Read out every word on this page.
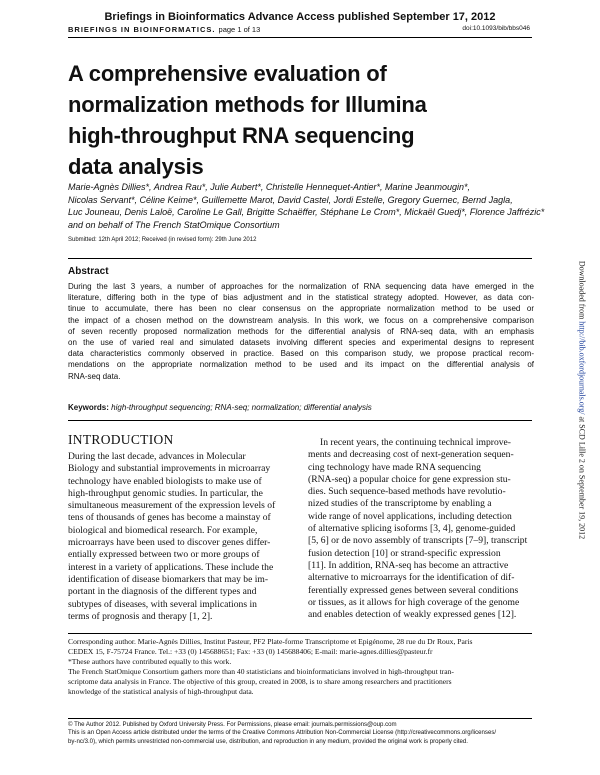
Briefings in Bioinformatics Advance Access published September 17, 2012
BRIEFINGS IN BIOINFORMATICS. page 1 of 13	doi:10.1093/bib/bbs046
A comprehensive evaluation of
normalization methods for Illumina
high-throughput RNA sequencing
data analysis
Marie-Agnès Dillies*, Andrea Rau*, Julie Aubert*, Christelle Hennequet-Antier*, Marine Jeanmougin*,
Nicolas Servant*, Céline Keime*, Guillemette Marot, David Castel, Jordi Estelle, Gregory Guernec, Bernd Jagla,
Luc Jouneau, Denis Laloë, Caroline Le Gall, Brigitte Schaëffer, Stéphane Le Crom*, Mickaël Guedj*, Florence Jaffrézic*
and on behalf of The French StatOmique Consortium
Submitted: 12th April 2012; Received (in revised form): 29th June 2012
Abstract
During the last 3 years, a number of approaches for the normalization of RNA sequencing data have emerged in the
literature, differing both in the type of bias adjustment and in the statistical strategy adopted. However, as data con-
tinue to accumulate, there has been no clear consensus on the appropriate normalization method to be used or
the impact of a chosen method on the downstream analysis. In this work, we focus on a comprehensive comparison
of seven recently proposed normalization methods for the differential analysis of RNA-seq data, with an emphasis
on the use of varied real and simulated datasets involving different species and experimental designs to represent
data characteristics commonly observed in practice. Based on this comparison study, we propose practical recom-
mendations on the appropriate normalization method to be used and its impact on the differential analysis of
RNA-seq data.
Keywords: high-throughput sequencing; RNA-seq; normalization; differential analysis
INTRODUCTION
During the last decade, advances in Molecular
Biology and substantial improvements in microarray
technology have enabled biologists to make use of
high-throughput genomic studies. In particular, the
simultaneous measurement of the expression levels of
tens of thousands of genes has become a mainstay of
biological and biomedical research. For example,
microarrays have been used to discover genes differ-
entially expressed between two or more groups of
interest in a variety of applications. These include the
identification of disease biomarkers that may be im-
portant in the diagnosis of the different types and
subtypes of diseases, with several implications in
terms of prognosis and therapy [1, 2].
In recent years, the continuing technical improve-
ments and decreasing cost of next-generation sequen-
cing technology have made RNA sequencing
(RNA-seq) a popular choice for gene expression stu-
dies. Such sequence-based methods have revolutio-
nized studies of the transcriptome by enabling a
wide range of novel applications, including detection
of alternative splicing isoforms [3, 4], genome-guided
[5, 6] or de novo assembly of transcripts [7–9], transcript
fusion detection [10] or strand-specific expression
[11]. In addition, RNA-seq has become an attractive
alternative to microarrays for the identification of dif-
ferentially expressed genes between several conditions
or tissues, as it allows for high coverage of the genome
and enables detection of weakly expressed genes [12].
Corresponding author. Marie-Agnès Dillies, Institut Pasteur, PF2 Plate-forme Transcriptome et Epigénome, 28 rue du Dr Roux, Paris
CEDEX 15, F-75724 France. Tel.: +33 (0) 145688651; Fax: +33 (0) 145688406; E-mail: marie-agnes.dillies@pasteur.fr
*These authors have contributed equally to this work.
The French StatOmique Consortium gathers more than 40 statisticians and bioinformaticians involved in high-throughput tran-
scriptome data analysis in France. The objective of this group, created in 2008, is to share among researchers and practitioners
knowledge of the statistical analysis of high-throughput data.
© The Author 2012. Published by Oxford University Press. For Permissions, please email: journals.permissions@oup.com
This is an Open Access article distributed under the terms of the Creative Commons Attribution Non-Commercial License (http://creativecommons.org/licenses/
by-nc/3.0), which permits unrestricted non-commercial use, distribution, and reproduction in any medium, provided the original work is properly cited.
Downloaded from http://bib.oxfordjournals.org/ at SCD Lille 2 on September 19, 2012
